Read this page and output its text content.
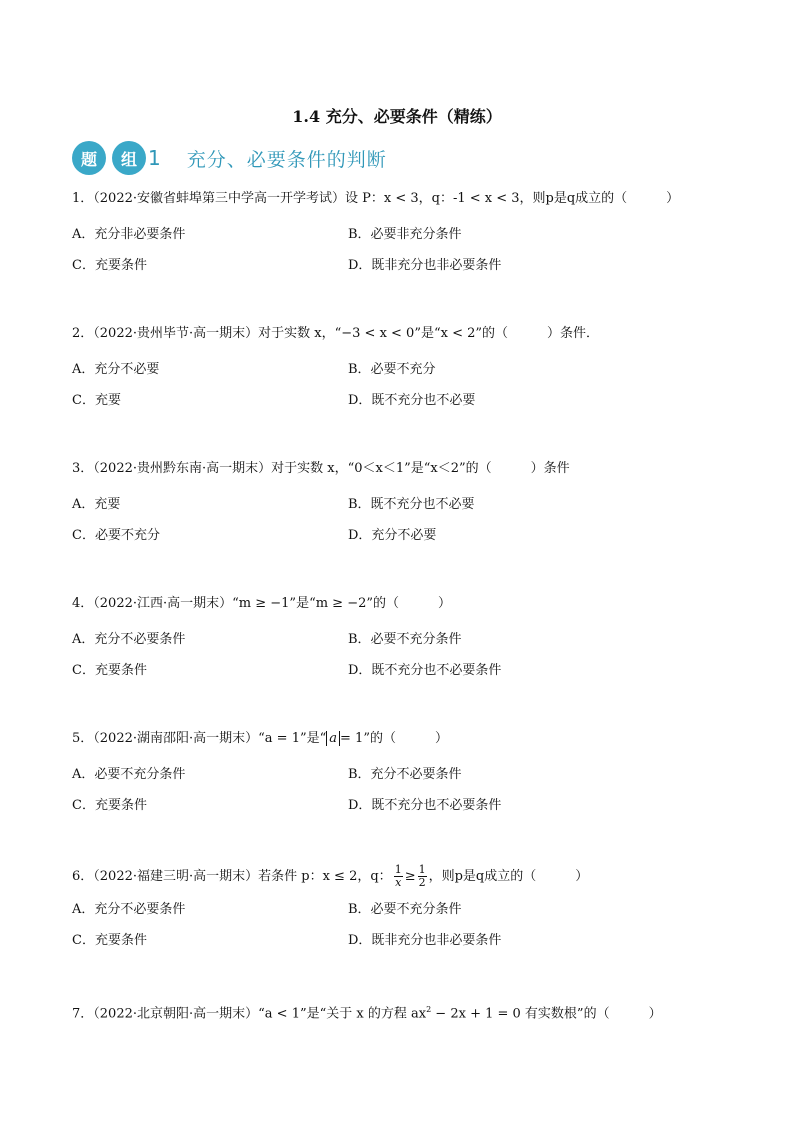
1.4 充分、必要条件（精练）
题	组 1 充分、必要条件的判断
1．（2022·安徽省蚌埠第三中学高一开学考试）设 P：x < 3，q：-1 < x < 3，则p是q成立的（　　　）
A．充分非必要条件	B．必要非充分条件
C．充要条件	D．既非充分也非必要条件
2．（2022·贵州毕节·高一期末）对于实数 x，“−3 < x < 0”是“x < 2”的（　　　）条件．
A．充分不必要	B．必要不充分
C．充要	D．既不充分也不必要
3．（2022·贵州黔东南·高一期末）对于实数 x，“0＜x＜1”是“x＜2”的（　　　）条件
A．充要	B．既不充分也不必要
C．必要不充分	D．充分不必要
4．（2022·江西·高一期末）“m ≥ −1”是“m ≥ −2”的（　　　）
A．充分不必要条件	B．必要不充分条件
C．充要条件	D．既不充分也不必要条件
5．（2022·湖南邵阳·高一期末）“a = 1”是“ a = 1”的（　　　）
A．必要不充分条件	B．充分不必要条件
C．充要条件	D．既不充分也不必要条件
6．（2022·福建三明·高一期末）若条件 p：x ≤ 2，q： $\frac{1}{x} \ge \frac{1}{2}$ ，则p是q成立的（　　　）
A．充分不必要条件	B．必要不充分条件
C．充要条件	D．既非充分也非必要条件
7．（2022·北京朝阳·高一期末）“a < 1”是“关于 x 的方程 $ax^2 - 2x + 1 = 0$ 有实数根”的（　　　）
